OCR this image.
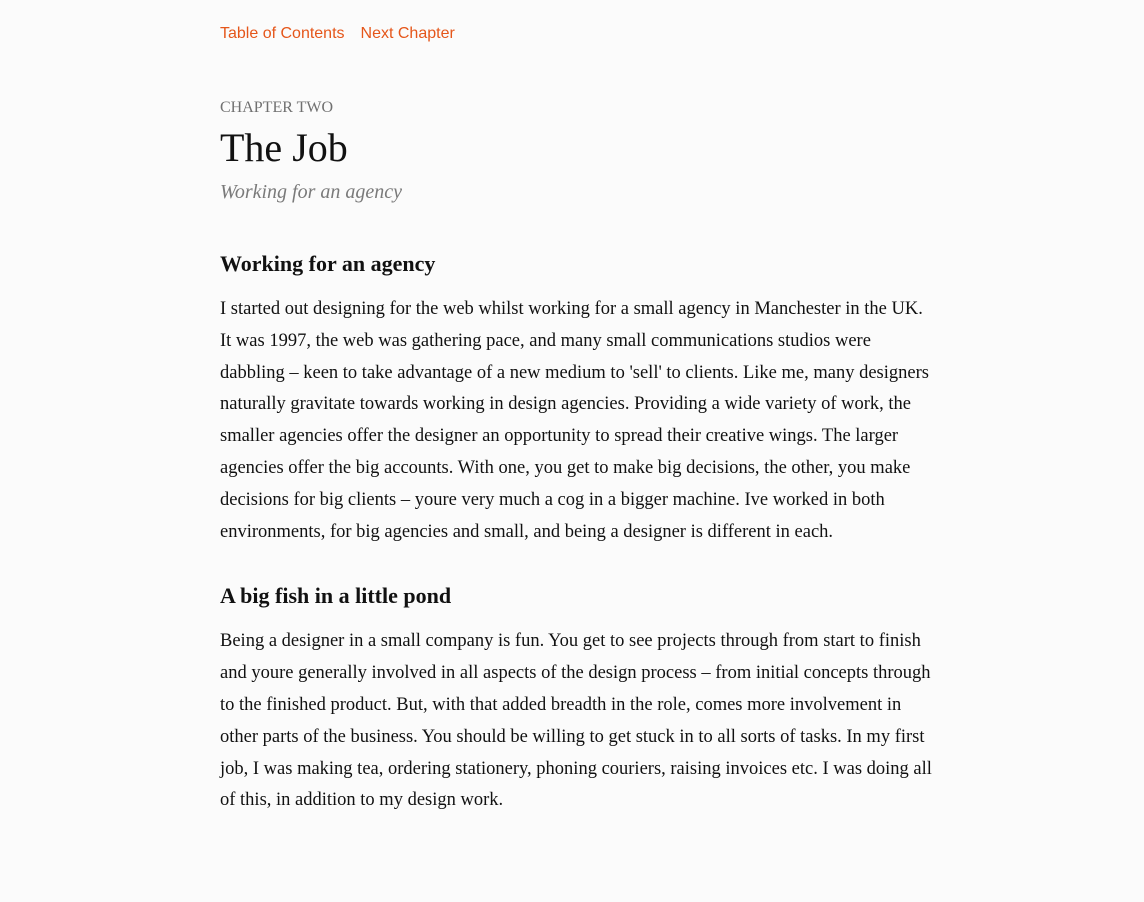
Table of Contents Next Chapter

CHAPTER TWO

The Job

Working for an agency

Working for an agency

I started out designing for the web whilst working for a small agency in Manchester in the UK. It was 1997, the web was gathering pace, and many small communications studios were dabbling – keen to take advantage of a new medium to 'sell' to clients. Like me, many designers naturally gravitate towards working in design agencies. Providing a wide variety of work, the smaller agencies offer the designer an opportunity to spread their creative wings. The larger agencies offer the big accounts. With one, you get to make big decisions, the other, you make decisions for big clients – youre very much a cog in a bigger machine. Ive worked in both environments, for big agencies and small, and being a designer is different in each.

A big fish in a little pond

Being a designer in a small company is fun. You get to see projects through from start to finish and youre generally involved in all aspects of the design process – from initial concepts through to the finished product. But, with that added breadth in the role, comes more involvement in other parts of the business. You should be willing to get stuck in to all sorts of tasks. In my first job, I was making tea, ordering stationery, phoning couriers, raising invoices etc. I was doing all of this, in addition to my design work.
